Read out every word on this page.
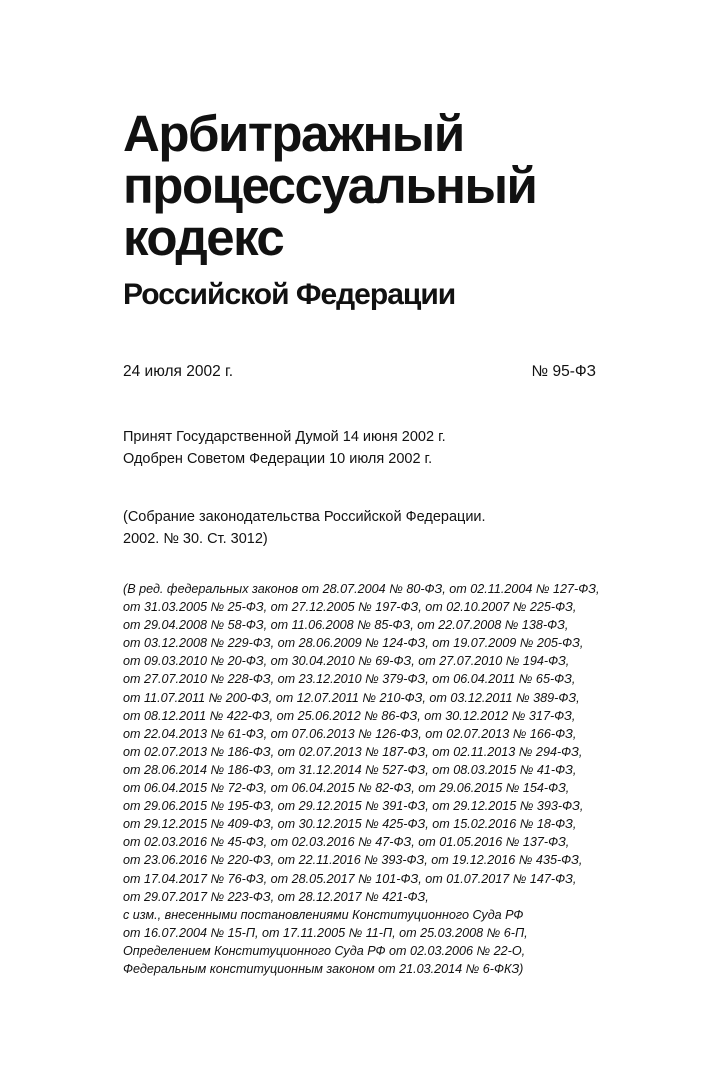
Арбитражный
процессуальный
кодекс
Российской Федерации
24 июля 2002 г.	№ 95-ФЗ
Принят Государственной Думой 14 июня 2002 г.
Одобрен Советом Федерации 10 июля 2002 г.
(Собрание законодательства Российской Федерации.
2002. № 30. Ст. 3012)
(В ред. федеральных законов от 28.07.2004 № 80-ФЗ, от 02.11.2004 № 127-ФЗ,
от 31.03.2005 № 25-ФЗ, от 27.12.2005 № 197-ФЗ, от 02.10.2007 № 225-ФЗ,
от 29.04.2008 № 58-ФЗ, от 11.06.2008 № 85-ФЗ, от 22.07.2008 № 138-ФЗ,
от 03.12.2008 № 229-ФЗ, от 28.06.2009 № 124-ФЗ, от 19.07.2009 № 205-ФЗ,
от 09.03.2010 № 20-ФЗ, от 30.04.2010 № 69-ФЗ, от 27.07.2010 № 194-ФЗ,
от 27.07.2010 № 228-ФЗ, от 23.12.2010 № 379-ФЗ, от 06.04.2011 № 65-ФЗ,
от 11.07.2011 № 200-ФЗ, от 12.07.2011 № 210-ФЗ, от 03.12.2011 № 389-ФЗ,
от 08.12.2011 № 422-ФЗ, от 25.06.2012 № 86-ФЗ, от 30.12.2012 № 317-ФЗ,
от 22.04.2013 № 61-ФЗ, от 07.06.2013 № 126-ФЗ, от 02.07.2013 № 166-ФЗ,
от 02.07.2013 № 186-ФЗ, от 02.07.2013 № 187-ФЗ, от 02.11.2013 № 294-ФЗ,
от 28.06.2014 № 186-ФЗ, от 31.12.2014 № 527-ФЗ, от 08.03.2015 № 41-ФЗ,
от 06.04.2015 № 72-ФЗ, от 06.04.2015 № 82-ФЗ, от 29.06.2015 № 154-ФЗ,
от 29.06.2015 № 195-ФЗ, от 29.12.2015 № 391-ФЗ, от 29.12.2015 № 393-ФЗ,
от 29.12.2015 № 409-ФЗ, от 30.12.2015 № 425-ФЗ, от 15.02.2016 № 18-ФЗ,
от 02.03.2016 № 45-ФЗ, от 02.03.2016 № 47-ФЗ, от 01.05.2016 № 137-ФЗ,
от 23.06.2016 № 220-ФЗ, от 22.11.2016 № 393-ФЗ, от 19.12.2016 № 435-ФЗ,
от 17.04.2017 № 76-ФЗ, от 28.05.2017 № 101-ФЗ, от 01.07.2017 № 147-ФЗ,
от 29.07.2017 № 223-ФЗ, от 28.12.2017 № 421-ФЗ,
с изм., внесенными постановлениями Конституционного Суда РФ
от 16.07.2004 № 15-П, от 17.11.2005 № 11-П, от 25.03.2008 № 6-П,
Определением Конституционного Суда РФ от 02.03.2006 № 22-О,
Федеральным конституционным законом от 21.03.2014 № 6-ФКЗ)
